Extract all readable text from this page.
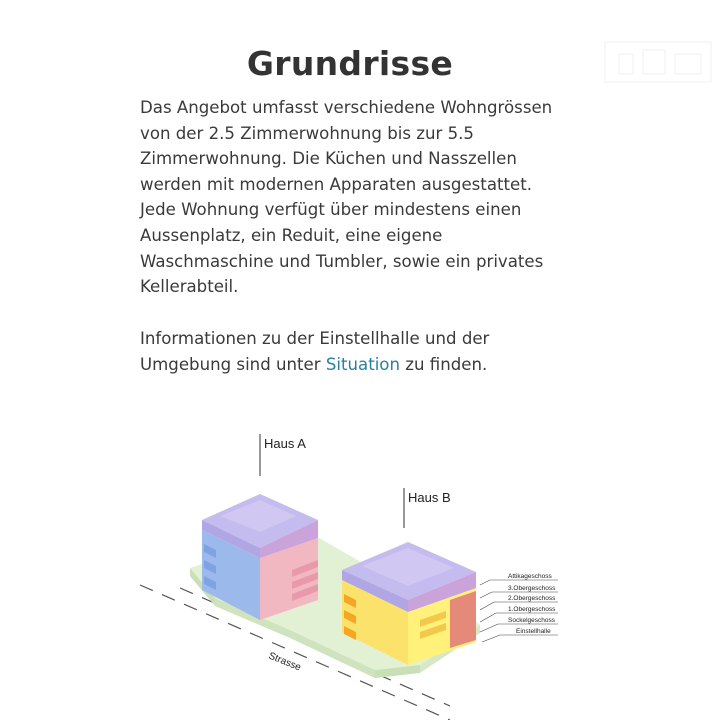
Grundrisse

Das Angebot umfasst verschiedene Wohngrössen von der 2.5 Zimmerwohnung bis zur 5.5 Zimmerwohnung. Die Küchen und Nasszellen werden mit modernen Apparaten ausgestattet. Jede Wohnung verfügt über mindestens einen Aussenplatz, ein Reduit, eine eigene Waschmaschine und Tumbler, sowie ein privates Kellerabteil.

Informationen zu der Einstellhalle und der Umgebung sind unter Situation zu finden.

Haus A
Haus B
Strasse
Attikageschoss
3.Obergeschoss
2.Obergeschoss
1.Obergeschoss
Sockelgeschoss
Einstellhalle
